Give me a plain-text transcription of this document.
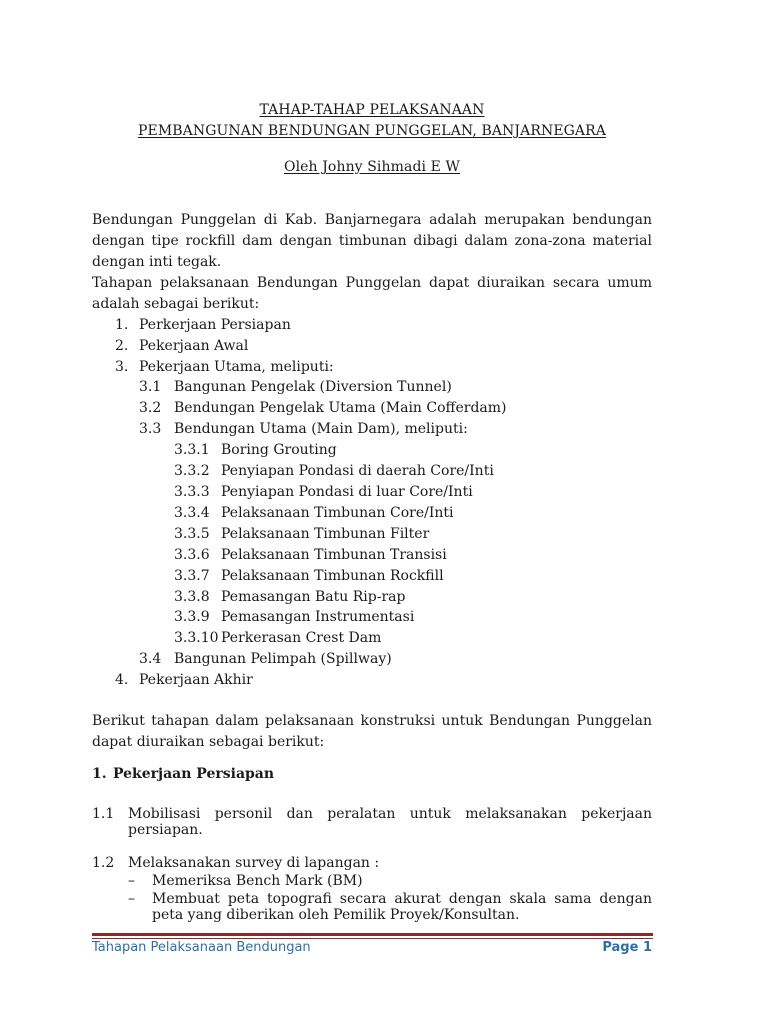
TAHAP-TAHAP PELAKSANAAN
PEMBANGUNAN BENDUNGAN PUNGGELAN, BANJARNEGARA
Oleh Johny Sihmadi E W

Bendungan Punggelan di Kab. Banjarnegara adalah merupakan bendungan dengan tipe rockfill dam dengan timbunan dibagi dalam zona-zona material dengan inti tegak.

Tahapan pelaksanaan Bendungan Punggelan dapat diuraikan secara umum adalah sebagai berikut:

1. Perkerjaan Persiapan
2. Pekerjaan Awal
3. Pekerjaan Utama, meliputi:
3.1 Bangunan Pengelak (Diversion Tunnel)
3.2 Bendungan Pengelak Utama (Main Cofferdam)
3.3 Bendungan Utama (Main Dam), meliputi:
3.3.1 Boring Grouting
3.3.2 Penyiapan Pondasi di daerah Core/Inti
3.3.3 Penyiapan Pondasi di luar Core/Inti
3.3.4 Pelaksanaan Timbunan Core/Inti
3.3.5 Pelaksanaan Timbunan Filter
3.3.6 Pelaksanaan Timbunan Transisi
3.3.7 Pelaksanaan Timbunan Rockfill
3.3.8 Pemasangan Batu Rip-rap
3.3.9 Pemasangan Instrumentasi
3.3.10 Perkerasan Crest Dam
3.4 Bangunan Pelimpah (Spillway)
4. Pekerjaan Akhir

Berikut tahapan dalam pelaksanaan konstruksi untuk Bendungan Punggelan dapat diuraikan sebagai berikut:

1. Pekerjaan Persiapan
1.1 Mobilisasi personil dan peralatan untuk melaksanakan pekerjaan persiapan.
1.2 Melaksanakan survey di lapangan :
– Memeriksa Bench Mark (BM)
– Membuat peta topografi secara akurat dengan skala sama dengan peta yang diberikan oleh Pemilik Proyek/Konsultan.
Tahapan Pelaksanaan Bendungan	Page 1
